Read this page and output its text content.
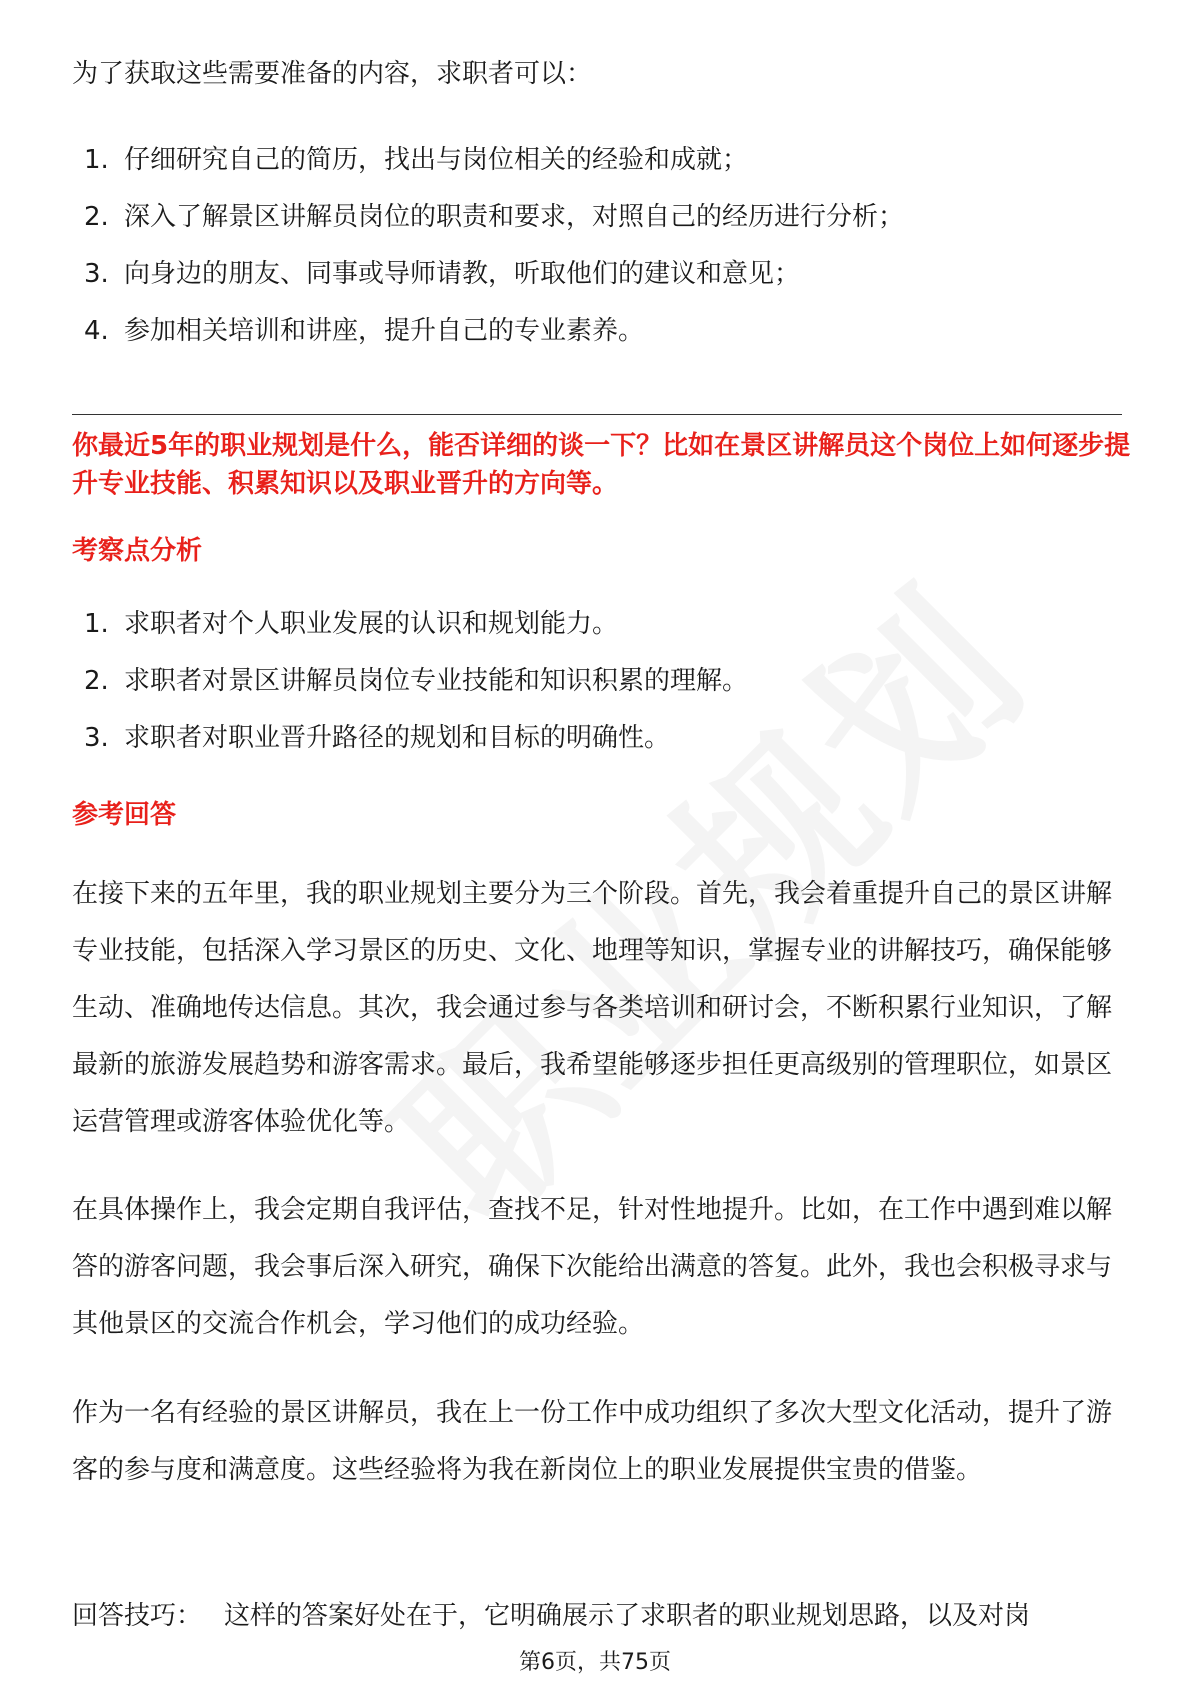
为了获取这些需要准备的内容，求职者可以：

1. 仔细研究自己的简历，找出与岗位相关的经验和成就；
2. 深入了解景区讲解员岗位的职责和要求，对照自己的经历进行分析；
3. 向身边的朋友、同事或导师请教，听取他们的建议和意见；
4. 参加相关培训和讲座，提升自己的专业素养。

你最近5年的职业规划是什么，能否详细的谈一下？比如在景区讲解员这个岗位上如何逐步提升专业技能、积累知识以及职业晋升的方向等。

考察点分析
1. 求职者对个人职业发展的认识和规划能力。
2. 求职者对景区讲解员岗位专业技能和知识积累的理解。
3. 求职者对职业晋升路径的规划和目标的明确性。
参考回答

在接下来的五年里，我的职业规划主要分为三个阶段。首先，我会着重提升自己的景区讲解专业技能，包括深入学习景区的历史、文化、地理等知识，掌握专业的讲解技巧，确保能够生动、准确地传达信息。其次，我会通过参与各类培训和研讨会，不断积累行业知识，了解最新的旅游发展趋势和游客需求。最后，我希望能够逐步担任更高级别的管理职位，如景区运营管理或游客体验优化等。

在具体操作上，我会定期自我评估，查找不足，针对性地提升。比如，在工作中遇到难以解答的游客问题，我会事后深入研究，确保下次能给出满意的答复。此外，我也会积极寻求与其他景区的交流合作机会，学习他们的成功经验。

作为一名有经验的景区讲解员，我在上一份工作中成功组织了多次大型文化活动，提升了游客的参与度和满意度。这些经验将为我在新岗位上的职业发展提供宝贵的借鉴。

回答技巧： 这样的答案好处在于，它明确展示了求职者的职业规划思路，以及对岗

第6页，共75页
